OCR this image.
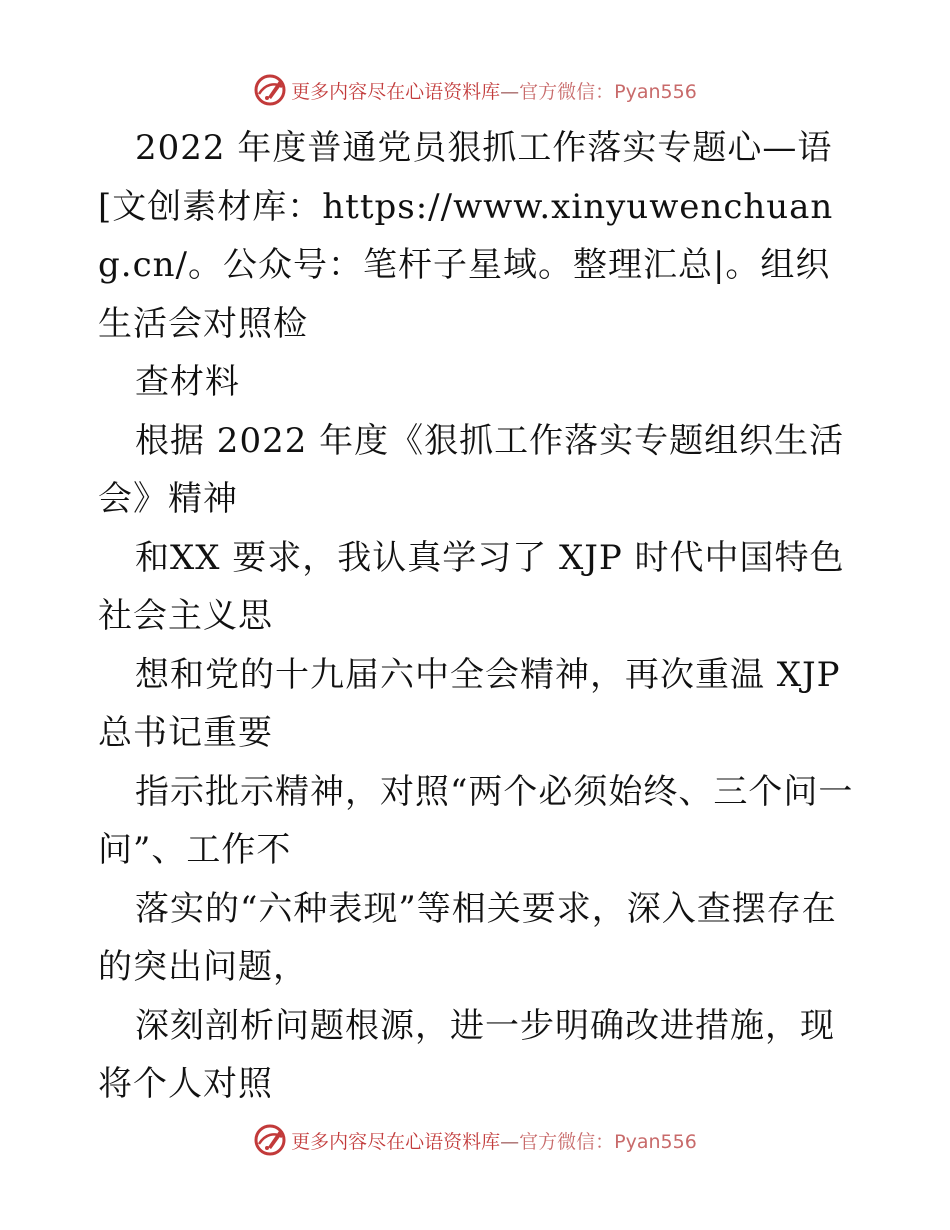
更多内容尽在心语资料库—官方微信：Pyan556

2022 年度普通党员狠抓工作落实专题心—语[文创素材库：https://www.xinyuwenchuang.cn/。公众号：笔杆子星域。整理汇总|。组织生活会对照检

查材料

根据 2022 年度《狠抓工作落实专题组织生活会》精神

和XX 要求，我认真学习了 XJP 时代中国特色社会主义思

想和党的十九届六中全会精神，再次重温 XJP 总书记重要

指示批示精神，对照“两个必须始终、三个问一问”、工作不

落实的“六种表现”等相关要求，深入查摆存在的突出问题，

深刻剖析问题根源，进一步明确改进措施，现将个人对照

更多内容尽在心语资料库—官方微信：Pyan556
